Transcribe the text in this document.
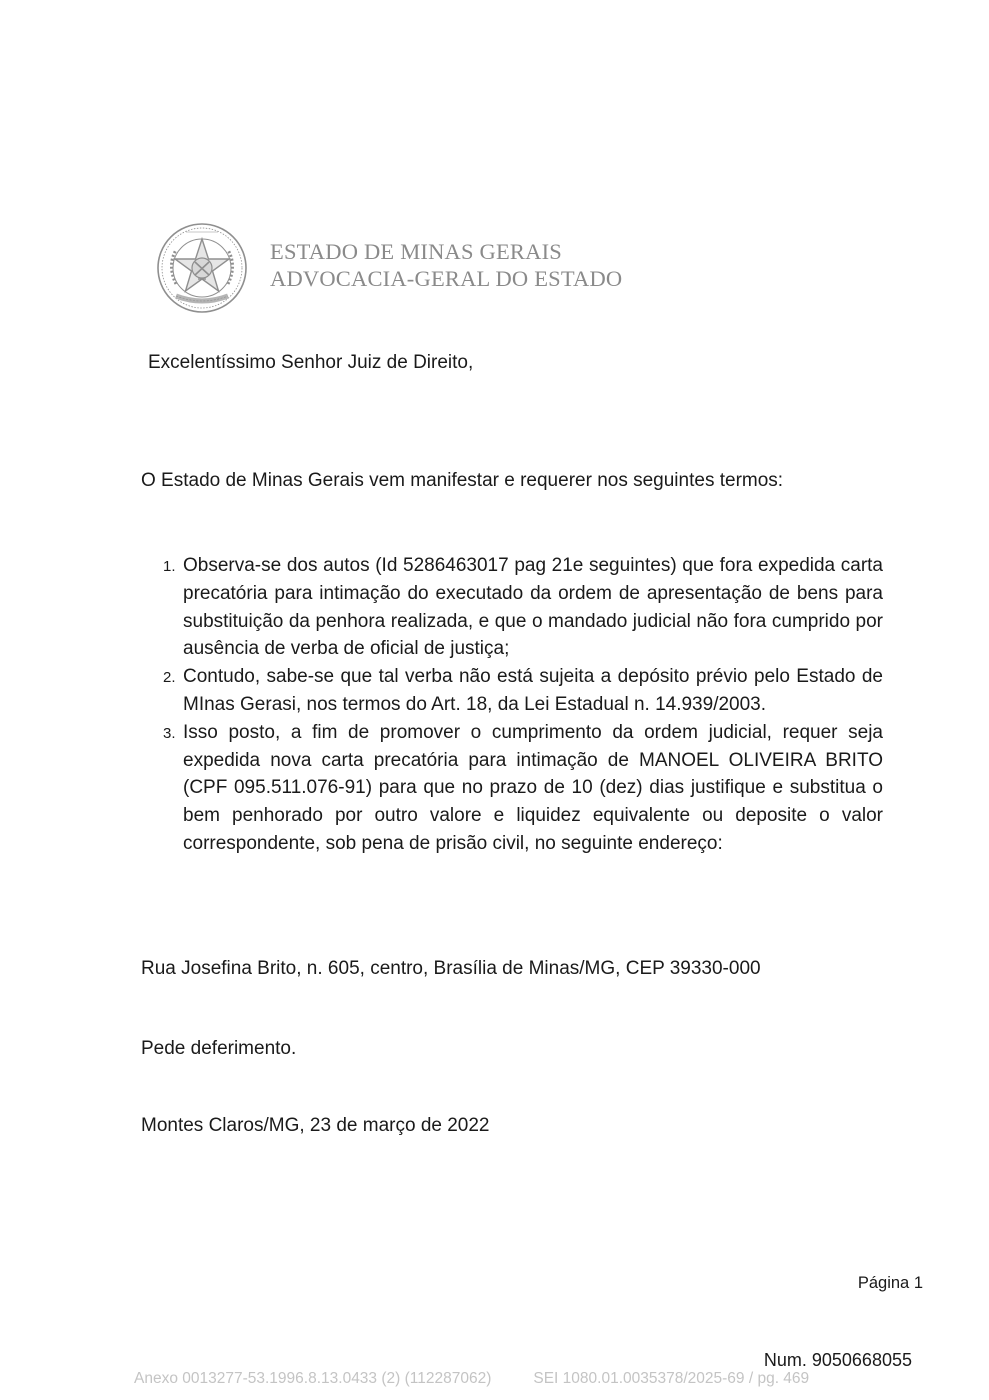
ESTADO DE MINAS GERAIS
ADVOCACIA-GERAL DO ESTADO
Excelentíssimo Senhor Juiz de Direito,
O Estado de Minas Gerais vem manifestar e requerer nos seguintes termos:
1. Observa-se dos autos (Id 5286463017 pag 21e seguintes) que fora expedida carta precatória para intimação do executado da ordem de apresentação de bens para substituição da penhora realizada, e que o mandado judicial não fora cumprido por ausência de verba de oficial de justiça;
2. Contudo, sabe-se que tal verba não está sujeita a depósito prévio pelo Estado de MInas Gerasi, nos termos do Art. 18, da Lei Estadual n. 14.939/2003.
3. Isso posto, a fim de promover o cumprimento da ordem judicial, requer seja expedida nova carta precatória para intimação de MANOEL OLIVEIRA BRITO (CPF 095.511.076-91) para que no prazo de 10 (dez) dias justifique e substitua o bem penhorado por outro valore e liquidez equivalente ou deposite o valor correspondente, sob pena de prisão civil, no seguinte endereço:
Rua Josefina Brito, n. 605, centro, Brasília de Minas/MG, CEP 39330-000
Pede deferimento.
Montes Claros/MG, 23 de março de 2022
Página 1
Num. 9050668055
Anexo 0013277-53.1996.8.13.0433 (2) (112287062)	SEI 1080.01.0035378/2025-69 / pg. 469
